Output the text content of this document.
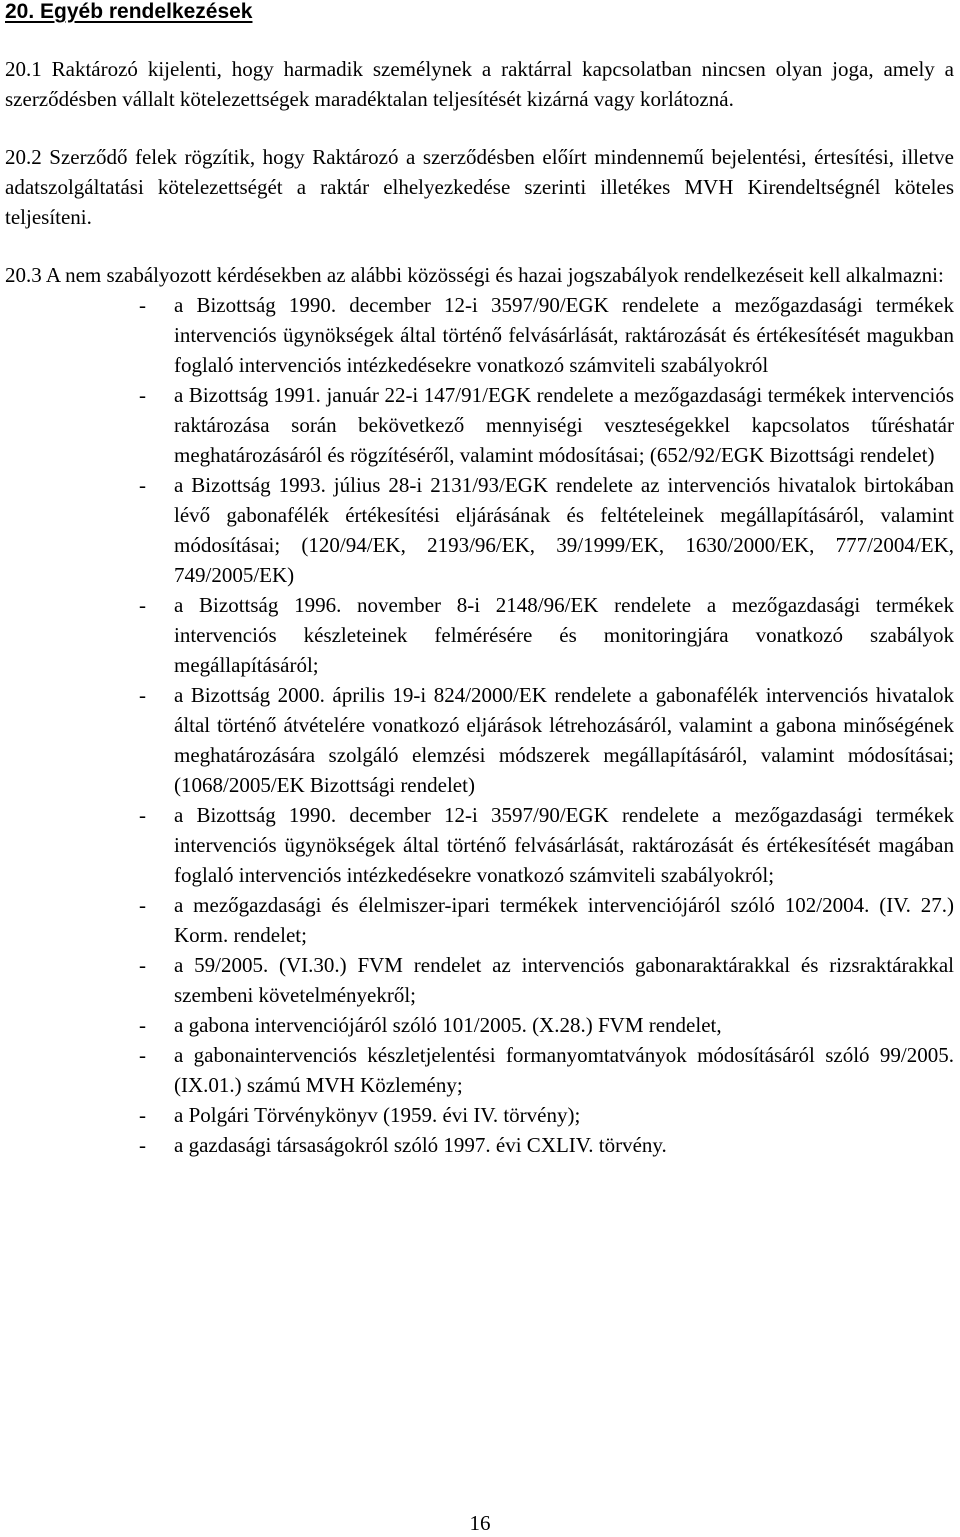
20. Egyéb rendelkezések

20.1 Raktározó kijelenti, hogy harmadik személynek a raktárral kapcsolatban nincsen olyan joga, amely a szerződésben vállalt kötelezettségek maradéktalan teljesítését kizárná vagy korlátozná.

20.2 Szerződő felek rögzítik, hogy Raktározó a szerződésben előírt mindennemű bejelentési, értesítési, illetve adatszolgáltatási kötelezettségét a raktár elhelyezkedése szerinti illetékes MVH Kirendeltségnél köteles teljesíteni.

20.3 A nem szabályozott kérdésekben az alábbi közösségi és hazai jogszabályok rendelkezéseit kell alkalmazni:

- a Bizottság 1990. december 12-i 3597/90/EGK rendelete a mezőgazdasági termékek intervenciós ügynökségek által történő felvásárlását, raktározását és értékesítését magukban foglaló intervenciós intézkedésekre vonatkozó számviteli szabályokról
- a Bizottság 1991. január 22-i 147/91/EGK rendelete a mezőgazdasági termékek intervenciós raktározása során bekövetkező mennyiségi veszteségekkel kapcsolatos tűréshatár meghatározásáról és rögzítéséről, valamint módosításai; (652/92/EGK Bizottsági rendelet)
- a Bizottság 1993. július 28-i 2131/93/EGK rendelete az intervenciós hivatalok birtokában lévő gabonafélék értékesítési eljárásának és feltételeinek megállapításáról, valamint módosításai; (120/94/EK, 2193/96/EK, 39/1999/EK, 1630/2000/EK, 777/2004/EK, 749/2005/EK)
- a Bizottság 1996. november 8-i 2148/96/EK rendelete a mezőgazdasági termékek intervenciós készleteinek felmérésére és monitoringjára vonatkozó szabályok megállapításáról;
- a Bizottság 2000. április 19-i 824/2000/EK rendelete a gabonafélék intervenciós hivatalok által történő átvételére vonatkozó eljárások létrehozásáról, valamint a gabona minőségének meghatározására szolgáló elemzési módszerek megállapításáról, valamint módosításai; (1068/2005/EK Bizottsági rendelet)
- a Bizottság 1990. december 12-i 3597/90/EGK rendelete a mezőgazdasági termékek intervenciós ügynökségek által történő felvásárlását, raktározását és értékesítését magában foglaló intervenciós intézkedésekre vonatkozó számviteli szabályokról;
- a mezőgazdasági és élelmiszer-ipari termékek intervenciójáról szóló 102/2004. (IV. 27.) Korm. rendelet;
- a 59/2005. (VI.30.) FVM rendelet az intervenciós gabonaraktárakkal és rizsraktárakkal szembeni követelményekről;
- a gabona intervenciójáról szóló 101/2005. (X.28.) FVM rendelet,
- a gabonaintervenciós készletjelentési formanyomtatványok módosításáról szóló 99/2005. (IX.01.) számú MVH Közlemény;
- a Polgári Törvénykönyv (1959. évi IV. törvény);
- a gazdasági társaságokról szóló 1997. évi CXLIV. törvény.
16
